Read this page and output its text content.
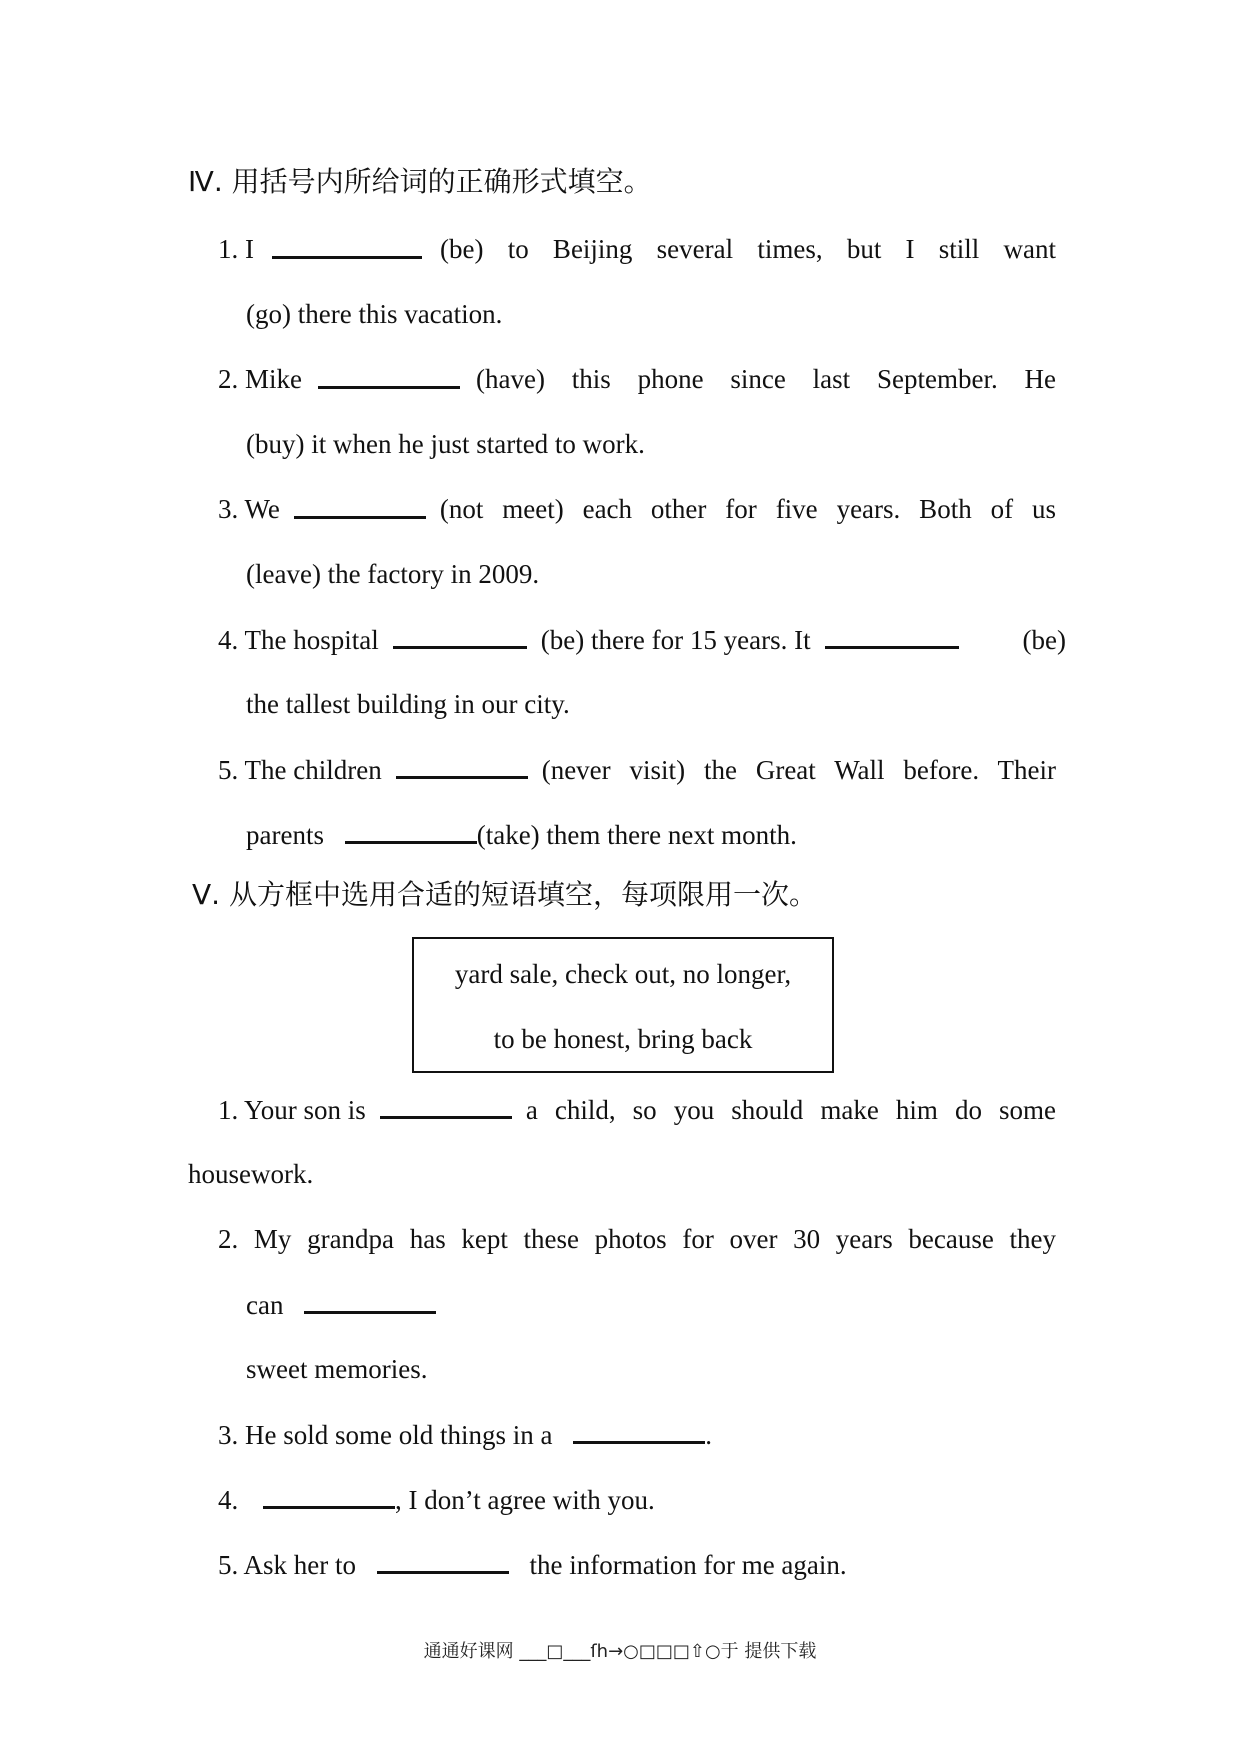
Ⅳ. 用括号内所给词的正确形式填空。
1. I	(be) to Beijing several times, but I still want
(go) there this vacation.
2. Mike	(have) this phone since last September. He
(buy) it when he just started to work.
3. We	(not meet) each other for five years. Both of us
(leave) the factory in 2009.
4. The hospital	(be) there for 15 years. It	(be)
the tallest building in our city.
5. The children	(never visit) the Great Wall before. Their
parents	(take) them there next month.
Ⅴ. 从方框中选用合适的短语填空，每项限用一次。
yard sale, check out, no longer,
to be honest, bring back
1. Your son is	a child, so you should make him do some
housework.
2. My grandpa has kept these photos for over 30 years because they
can
sweet memories.
3. He sold some old things in a	.
4.	, I don’t agree with you.
5. Ask her to	the information for me again.
通通好课网 ___□___ſh→○□□□⇧○于 提供下载
